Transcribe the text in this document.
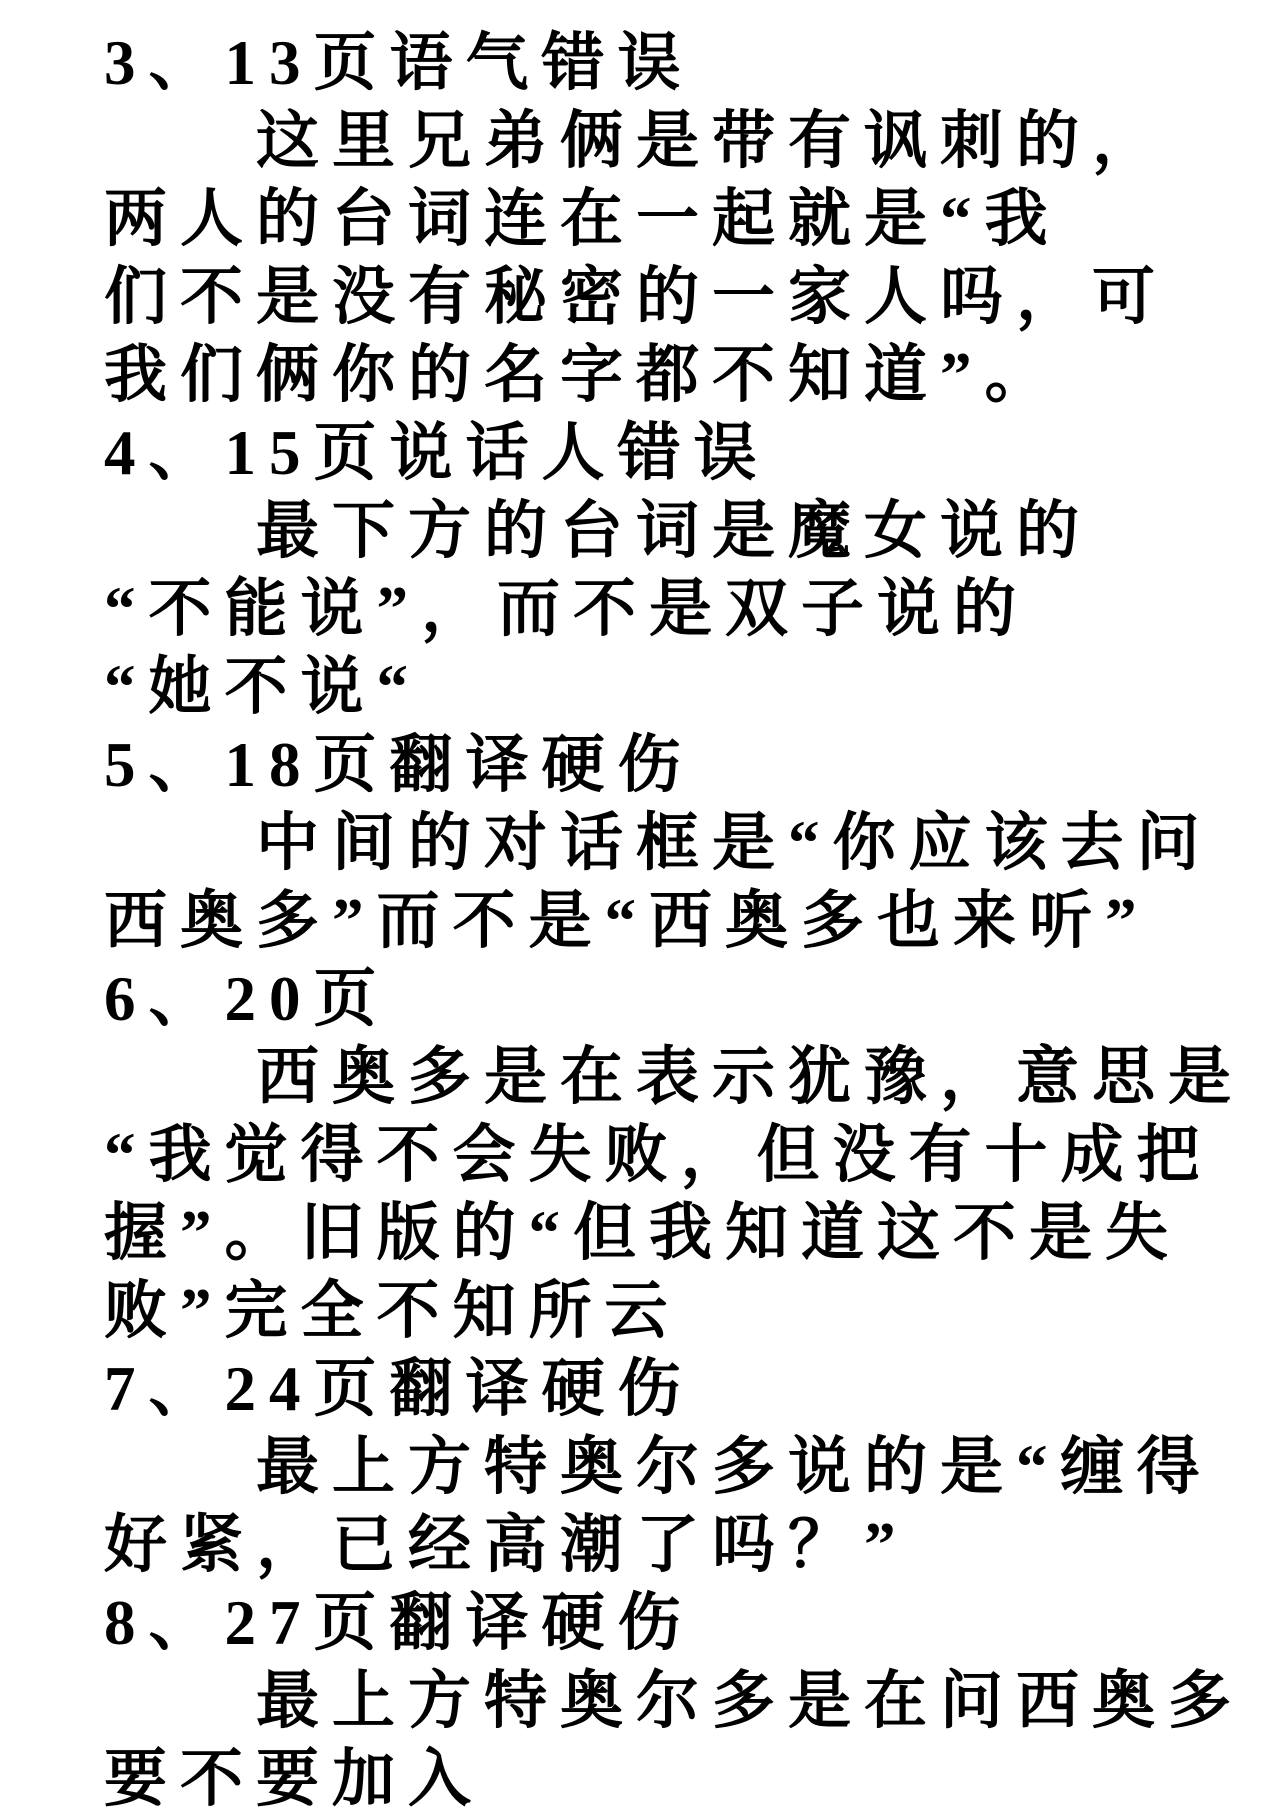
3、13页语气错误
这里兄弟俩是带有讽刺的，
两人的台词连在一起就是“我
们不是没有秘密的一家人吗，可
我们俩你的名字都不知道”。
4、15页说话人错误
最下方的台词是魔女说的
“不能说”，而不是双子说的
“她不说“
5、18页翻译硬伤
中间的对话框是“你应该去问
西奥多”而不是“西奥多也来听”
6、20页
西奥多是在表示犹豫，意思是
“我觉得不会失败，但没有十成把
握”。旧版的“但我知道这不是失
败”完全不知所云
7、24页翻译硬伤
最上方特奥尔多说的是“缠得
好紧，已经高潮了吗？”
8、27页翻译硬伤
最上方特奥尔多是在问西奥多
要不要加入
